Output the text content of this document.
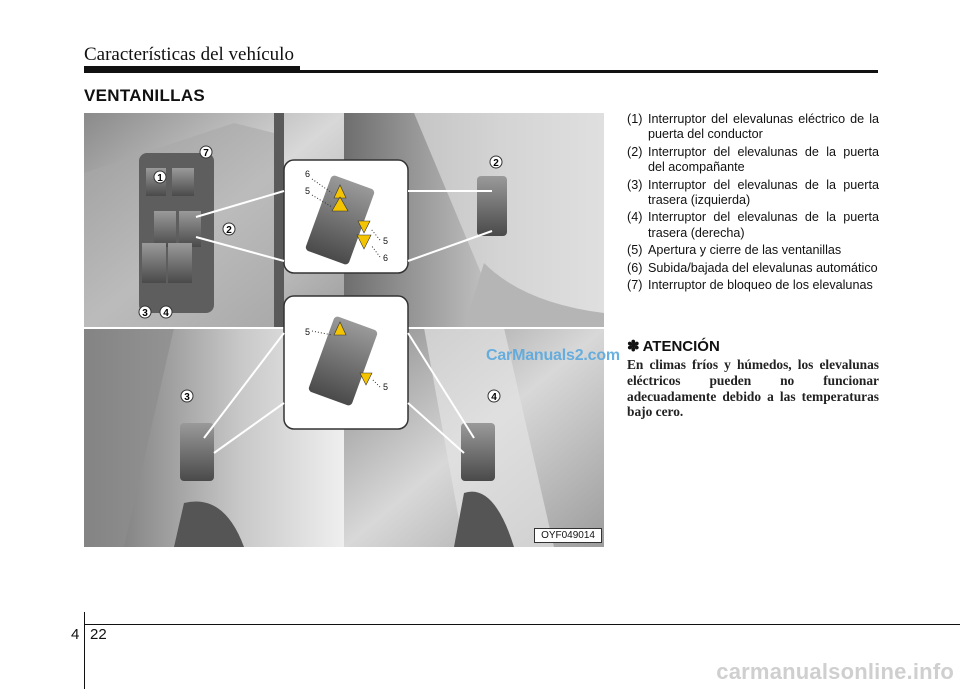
Características del vehículo
VENTANILLAS
7
1
2
3 4
2
3	4
6
5
5
6
5
5
OYF049014
(1) Interruptor del elevalunas eléctrico de la puerta del conductor
(2) Interruptor del elevalunas de la puerta del acompañante
(3) Interruptor del elevalunas de la puerta trasera (izquierda)
(4) Interruptor del elevalunas de la puerta trasera (derecha)
(5) Apertura y cierre de las ventanillas
(6) Subida/bajada del elevalunas automático
(7) Interruptor de bloqueo de los elevalunas
✽ ATENCIÓN
En climas fríos y húmedos, los elevalunas eléctricos pueden no funcionar adecuadamente debido a las temperaturas bajo cero.
CarManuals2.com
4 22
carmanualsonline.info
